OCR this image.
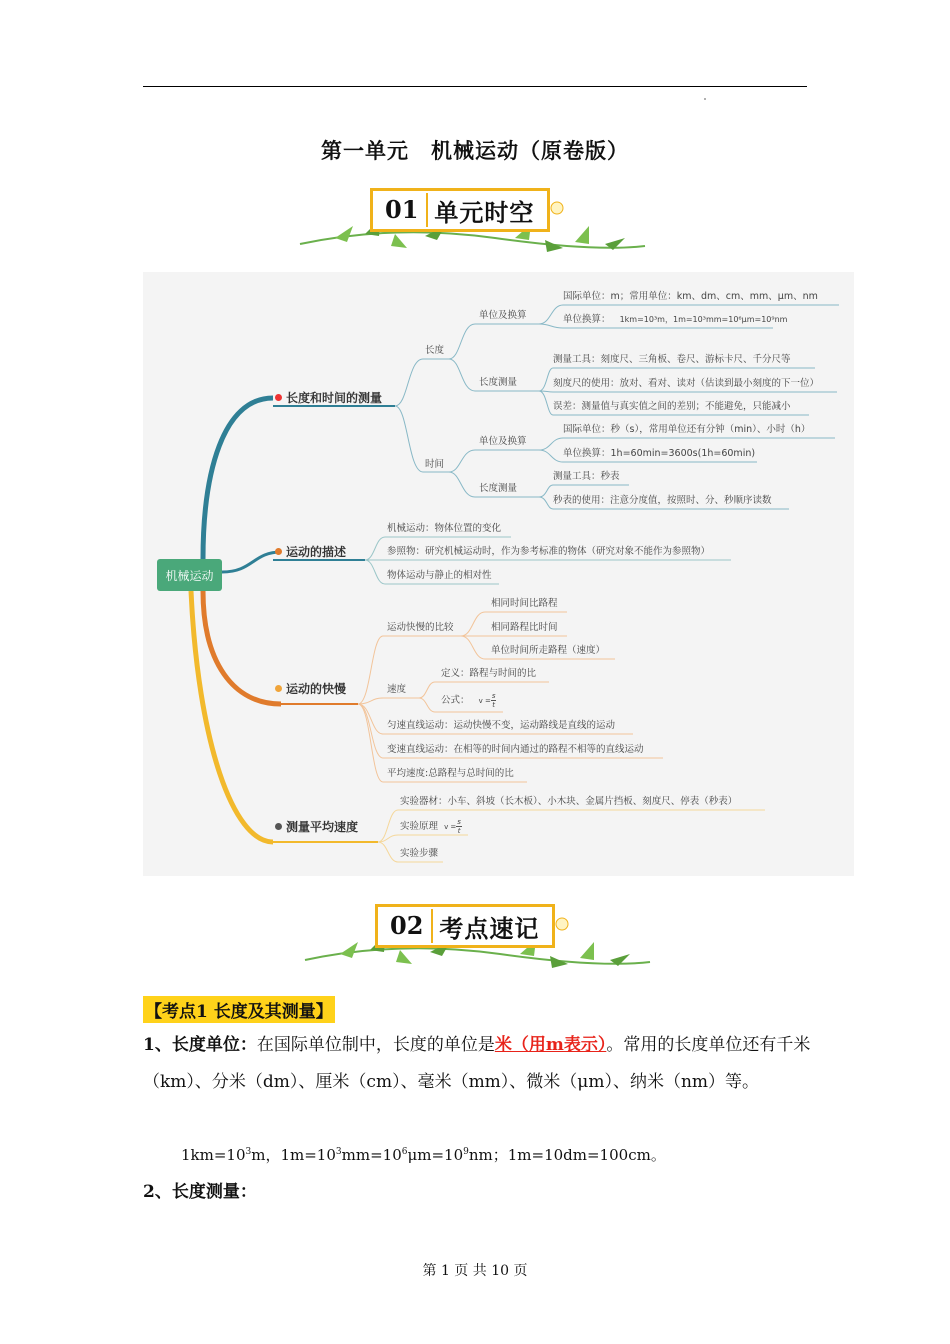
第一单元　机械运动（原卷版）
01 单元时空
机械运动
长度和时间的测量
长度
单位及换算
国际单位：m；常用单位：km、dm、cm、mm、μm、nm
单位换算： 1km=10³m，1m=10³mm=10⁶μm=10⁹nm
长度测量
测量工具：刻度尺、三角板、卷尺、游标卡尺、千分尺等
刻度尺的使用：放对、看对、读对（估读到最小刻度的下一位）
误差：测量值与真实值之间的差别；不能避免，只能减小
时间
单位及换算
国际单位：秒（s），常用单位还有分钟（min）、小时（h）
单位换算：1h=60min=3600s(1h=60min)
长度测量
测量工具：秒表
秒表的使用：注意分度值，按照时、分、秒顺序读数
运动的描述
机械运动：物体位置的变化
参照物：研究机械运动时，作为参考标准的物体（研究对象不能作为参照物）
物体运动与静止的相对性
运动的快慢
运动快慢的比较
相同时间比路程
相同路程比时间
单位时间所走路程（速度）
速度
定义：路程与时间的比
公式： $v = \frac{s}{t}$
匀速直线运动：运动快慢不变，运动路线是直线的运动
变速直线运动：在相等的时间内通过的路程不相等的直线运动
平均速度:总路程与总时间的比
测量平均速度
实验器材：小车、斜坡（长木板）、小木块、金属片挡板、刻度尺、停表（秒表）
实验原理 $v = \frac{s}{t}$
实验步骤
02 考点速记
【考点1 长度及其测量】
1、长度单位：在国际单位制中，长度的单位是米（用m表示）。常用的长度单位还有千米（km）、分米（dm）、厘米（cm）、毫米（mm）、微米（μm）、纳米（nm）等。
$1km=10^3m$，$1m=10^3mm=10^6\mu m=10^9nm$；1m=10dm=100cm。
2、长度测量：
第 1 页 共 10 页
